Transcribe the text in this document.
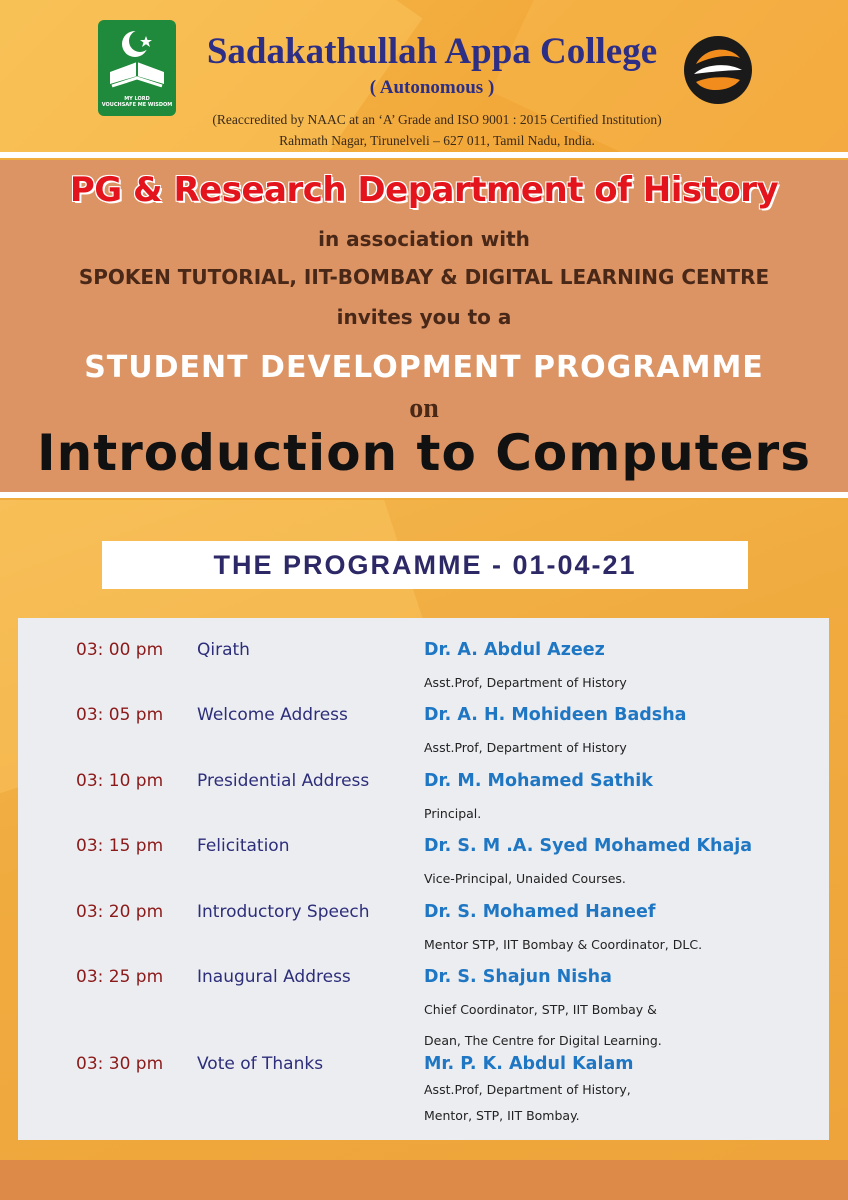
MY LORD
VOUCHSAFE ME WISDOM
Sadakathullah Appa College
( Autonomous )
(Reaccredited by NAAC at an ‘A’ Grade and ISO 9001 : 2015 Certified Institution)
Rahmath Nagar, Tirunelveli – 627 011, Tamil Nadu, India.
PG & Research Department of History
in association with
SPOKEN TUTORIAL, IIT-BOMBAY & DIGITAL LEARNING CENTRE
invites you to a
STUDENT DEVELOPMENT PROGRAMME
on
Introduction to Computers
THE PROGRAMME - 01-04-21
03: 00 pm Qirath	Dr. A. Abdul Azeez
Asst.Prof, Department of History
03: 05 pm Welcome Address	Dr. A. H. Mohideen Badsha
Asst.Prof, Department of History
03: 10 pm Presidential Address	Dr. M. Mohamed Sathik
Principal.
03: 15 pm Felicitation	Dr. S. M .A. Syed Mohamed Khaja
Vice-Principal, Unaided Courses.
03: 20 pm Introductory Speech	Dr. S. Mohamed Haneef
Mentor STP, IIT Bombay & Coordinator, DLC.
03: 25 pm Inaugural Address	Dr. S. Shajun Nisha
Chief Coordinator, STP, IIT Bombay &
Dean, The Centre for Digital Learning.
03: 30 pm Vote of Thanks	Mr. P. K. Abdul Kalam
Asst.Prof, Department of History,
Mentor, STP, IIT Bombay.
